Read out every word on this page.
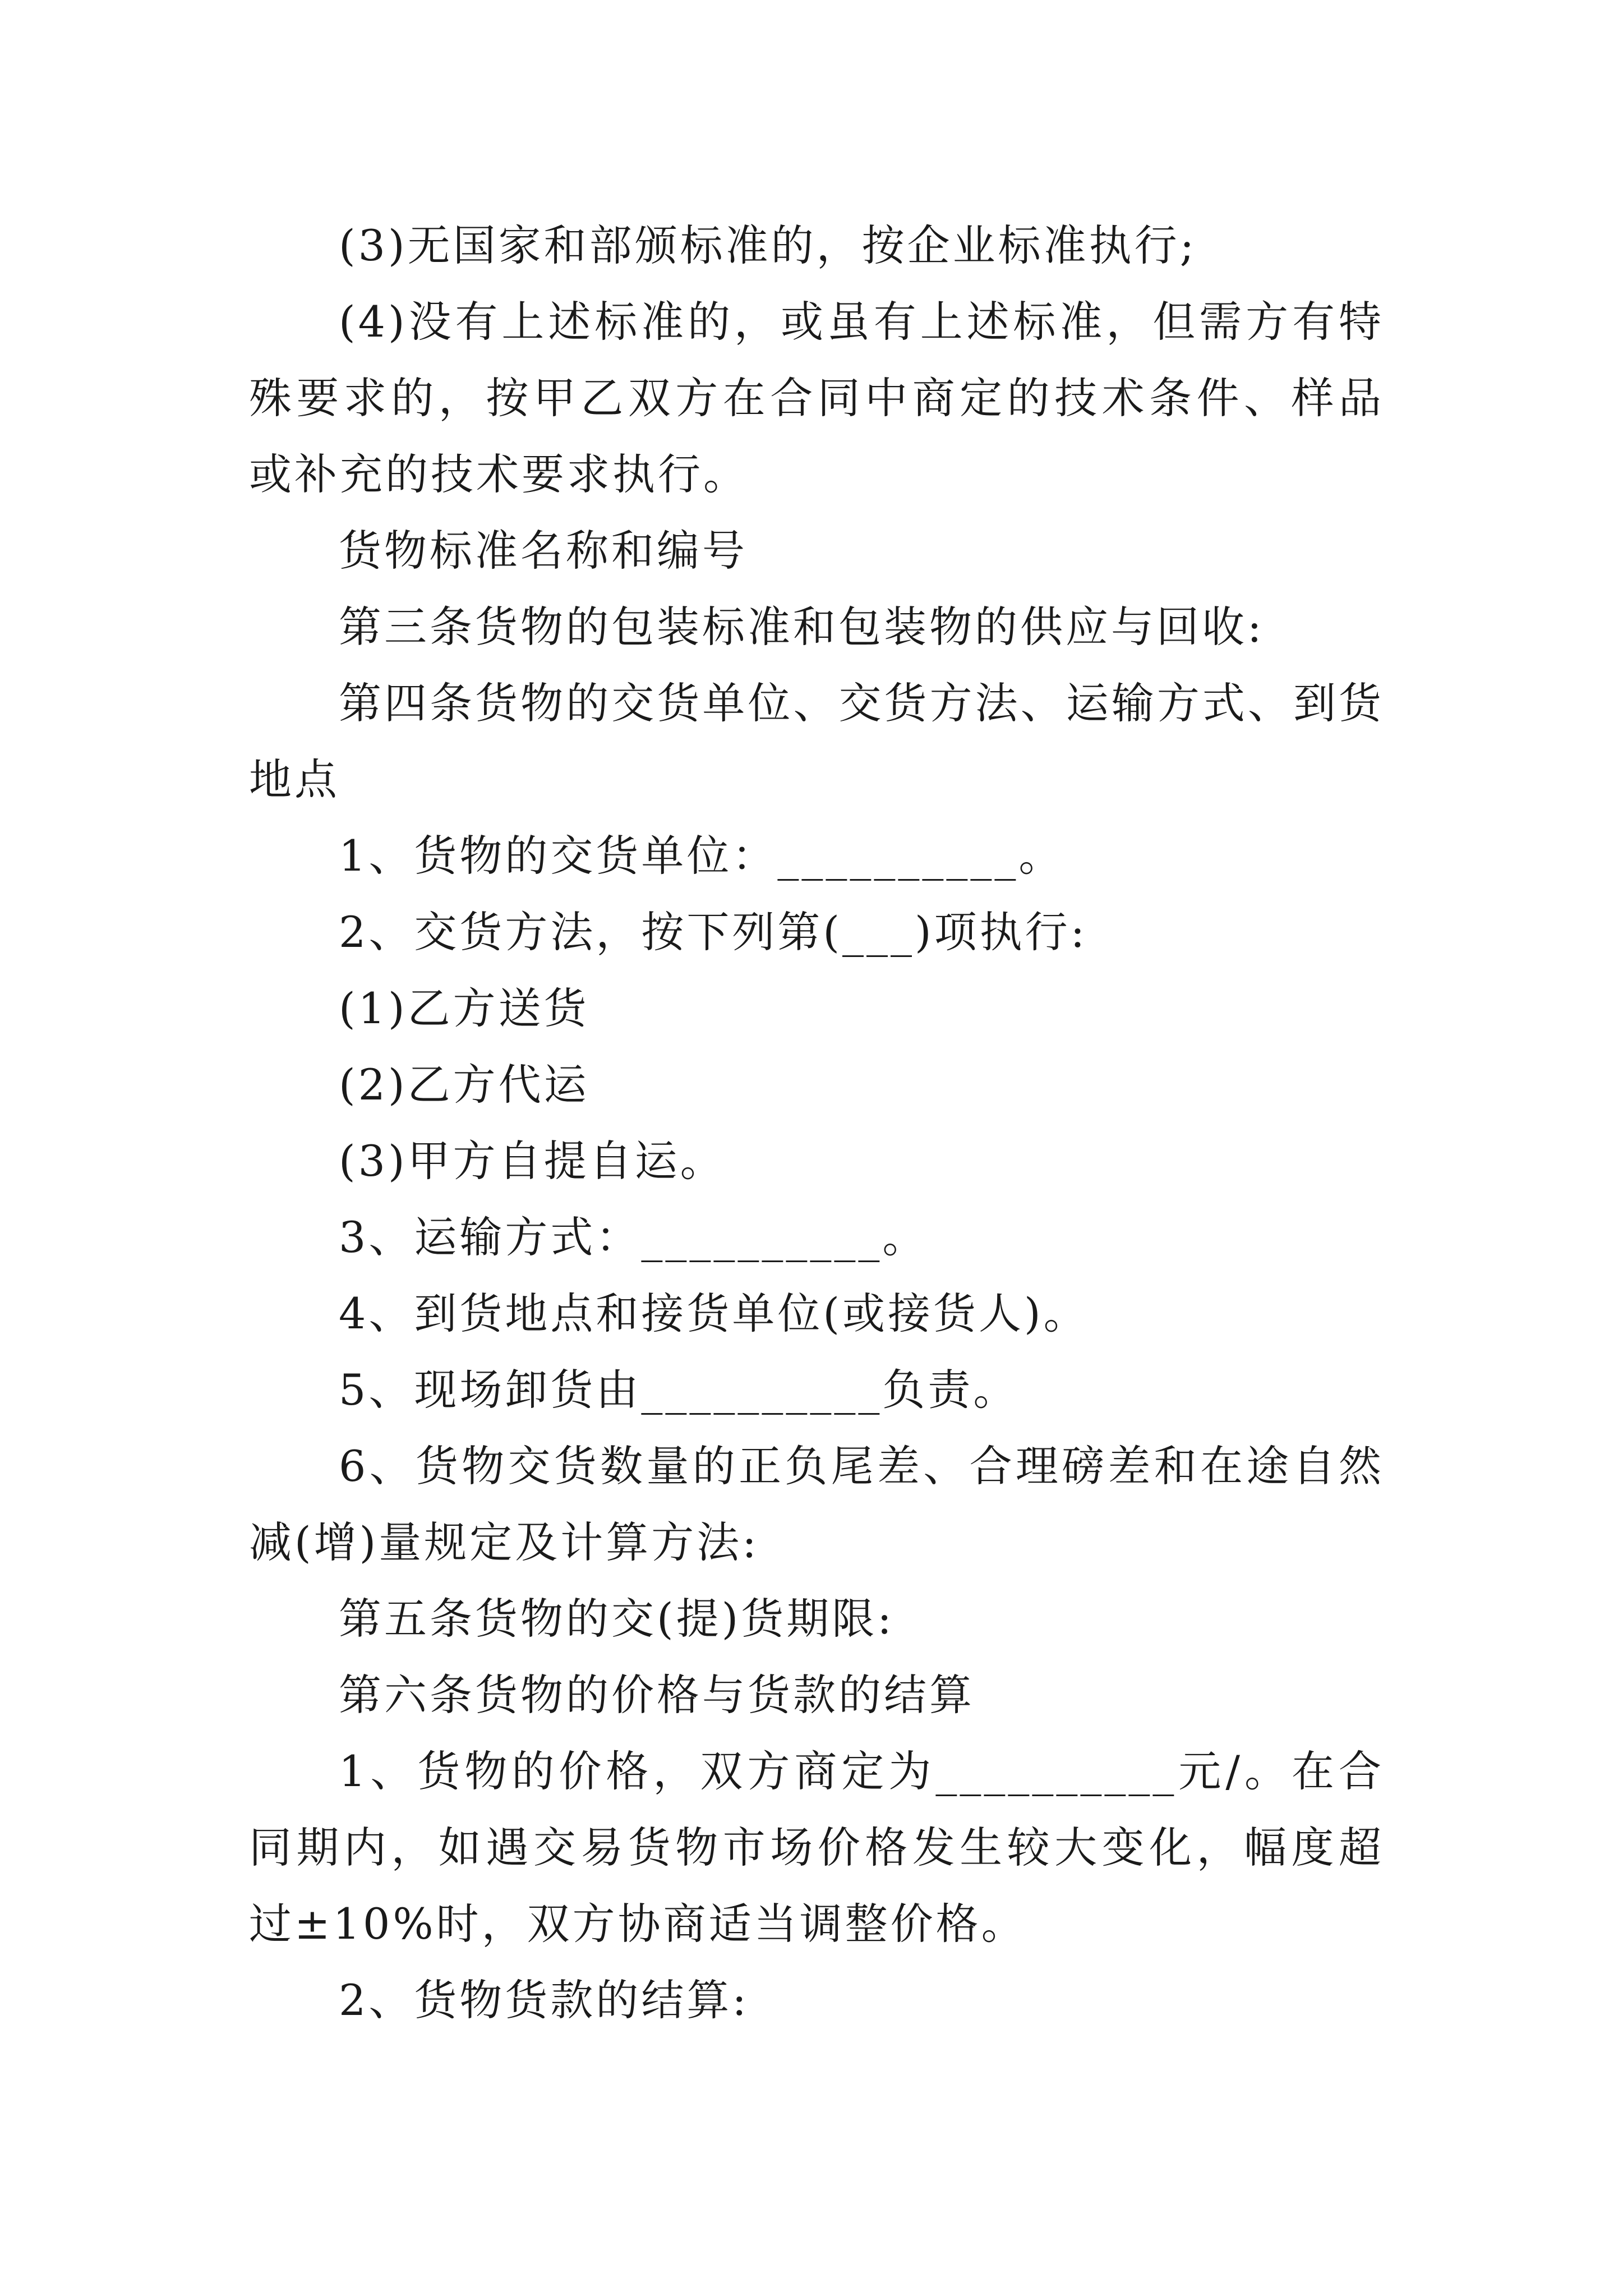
(3)无国家和部颁标准的，按企业标准执行;

(4)没有上述标准的，或虽有上述标准，但需方有特殊要求的，按甲乙双方在合同中商定的技术条件、样品或补充的技术要求执行。

货物标准名称和编号

第三条货物的包装标准和包装物的供应与回收:

第四条货物的交货单位、交货方法、运输方式、到货地点

1、货物的交货单位：__________。

2、交货方法，按下列第(___)项执行:

(1)乙方送货

(2)乙方代运

(3)甲方自提自运。

3、运输方式：__________。

4、到货地点和接货单位(或接货人)。

5、现场卸货由__________负责。

6、货物交货数量的正负尾差、合理磅差和在途自然减(增)量规定及计算方法:

第五条货物的交(提)货期限:

第六条货物的价格与货款的结算

1、货物的价格，双方商定为__________元/。在合同期内，如遇交易货物市场价格发生较大变化，幅度超过±10%时，双方协商适当调整价格。

2、货物货款的结算:
